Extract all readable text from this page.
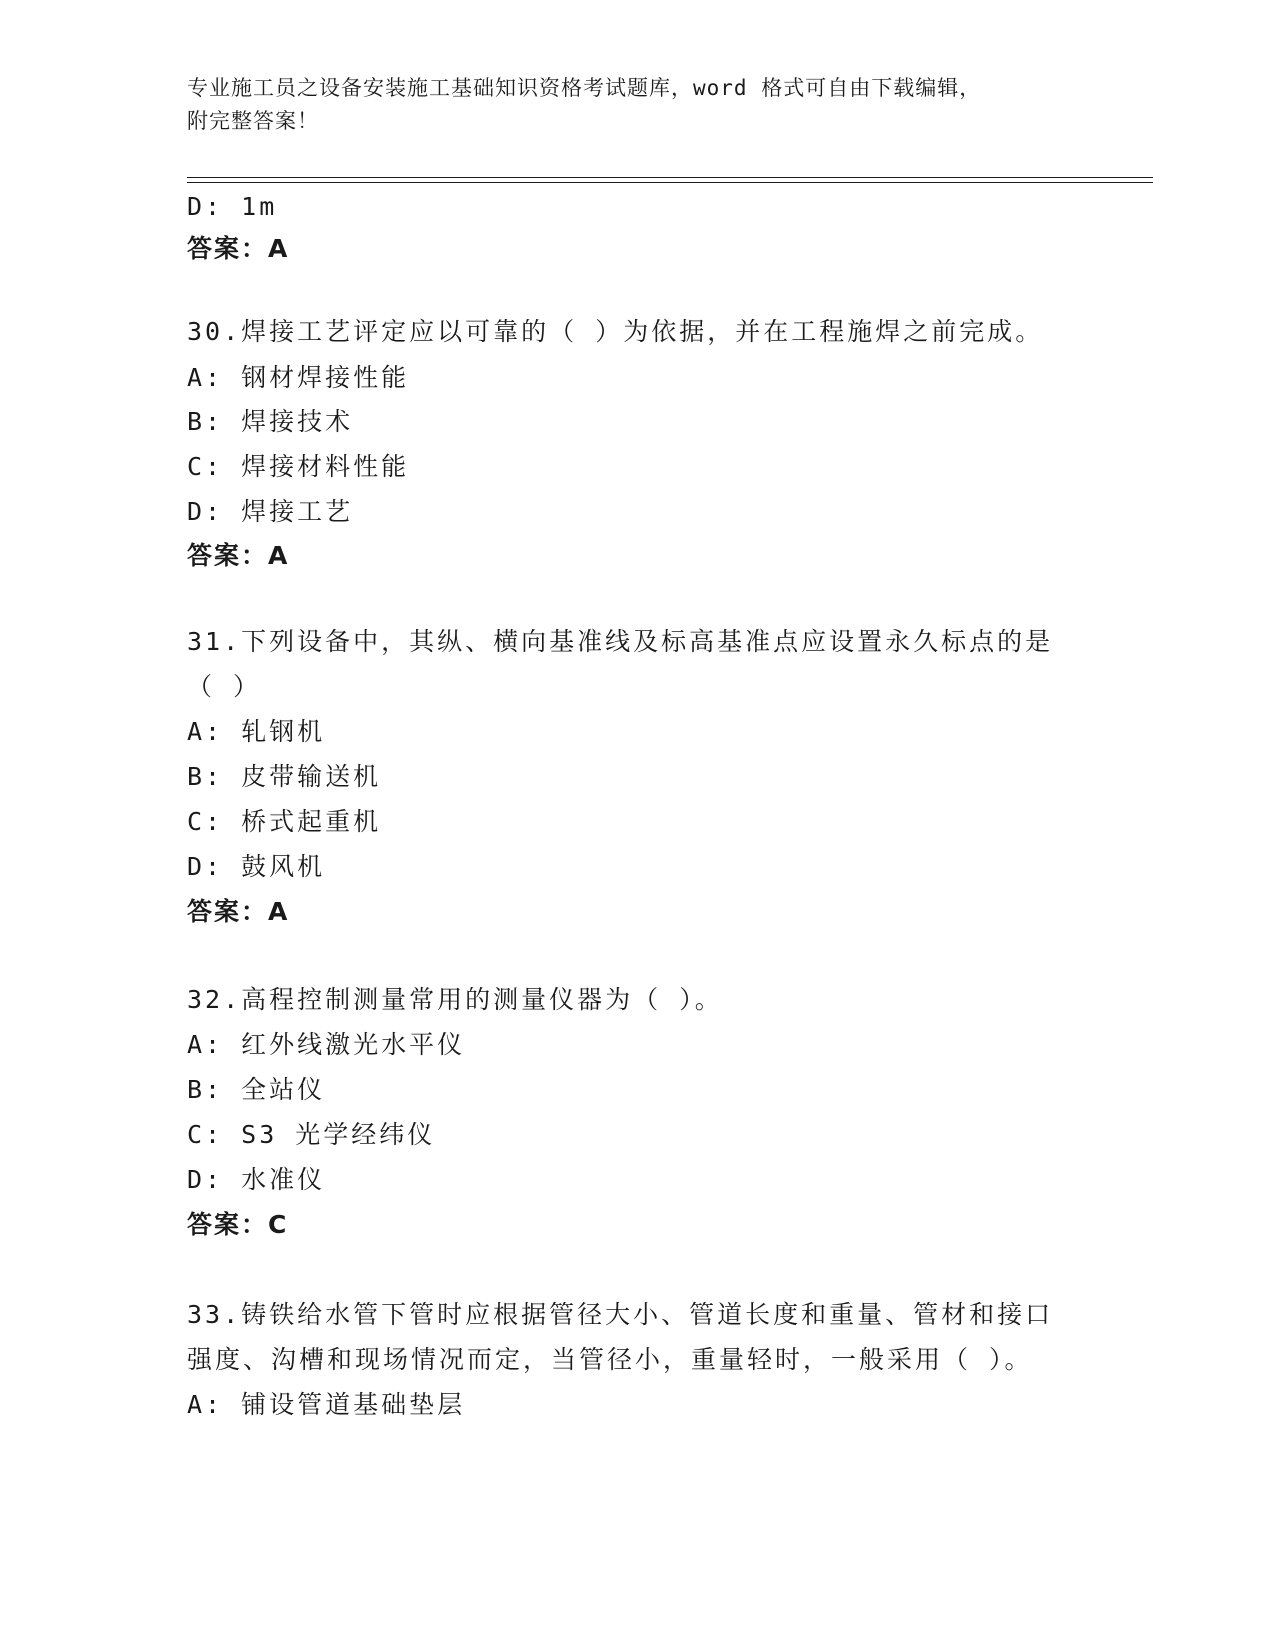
专业施工员之设备安装施工基础知识资格考试题库，word 格式可自由下载编辑，
附完整答案！
D: 1m
答案：A
30.焊接工艺评定应以可靠的（ ）为依据，并在工程施焊之前完成。
A: 钢材焊接性能
B: 焊接技术
C: 焊接材料性能
D: 焊接工艺
答案：A
31.下列设备中，其纵、横向基准线及标高基准点应设置永久标点的是
（ ）
A: 轧钢机
B: 皮带输送机
C: 桥式起重机
D: 鼓风机
答案：A
32.高程控制测量常用的测量仪器为（ ）。
A: 红外线激光水平仪
B: 全站仪
C: S3 光学经纬仪
D: 水准仪
答案：C
33.铸铁给水管下管时应根据管径大小、管道长度和重量、管材和接口
强度、沟槽和现场情况而定，当管径小，重量轻时，一般采用（ ）。
A: 铺设管道基础垫层
